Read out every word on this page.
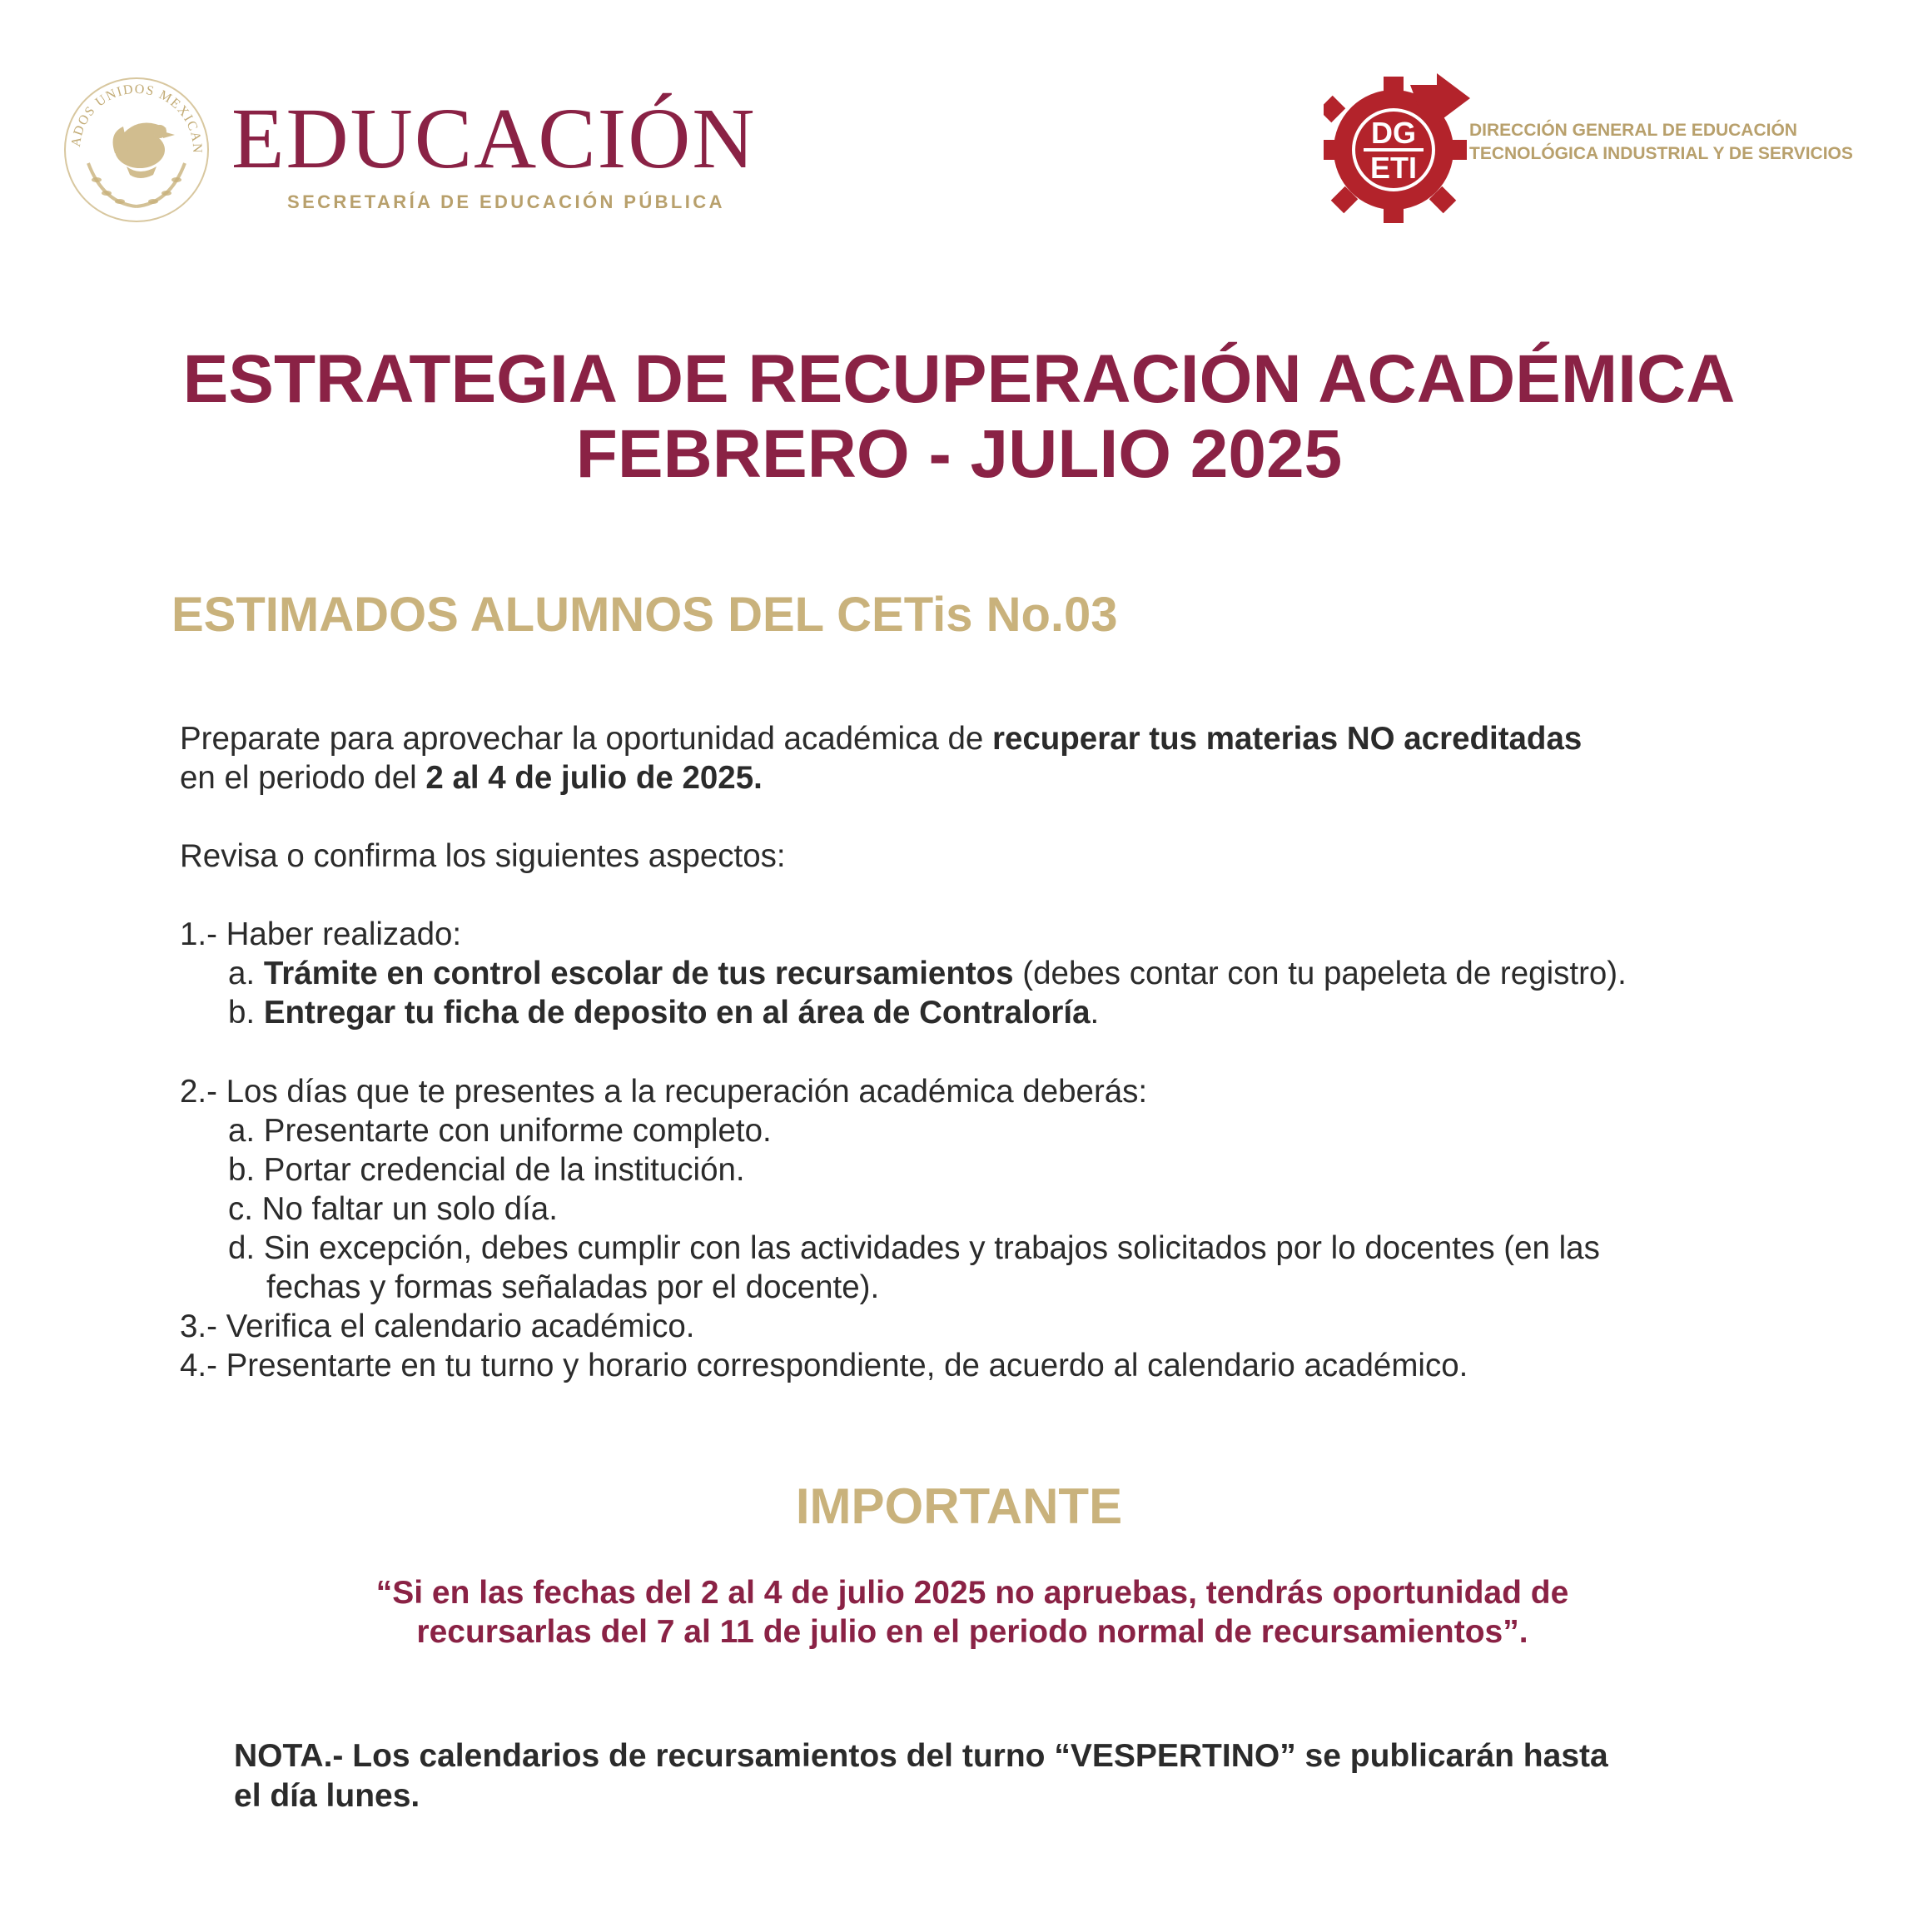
ADOS UNIDOS MEXICAN EDUCACIÓN
SECRETARÍA DE EDUCACIÓN PÚBLICA
DG
ETI
DIRECCIÓN GENERAL DE EDUCACIÓN
TECNOLÓGICA INDUSTRIAL Y DE SERVICIOS
ESTRATEGIA DE RECUPERACIÓN ACADÉMICA
FEBRERO - JULIO 2025
ESTIMADOS ALUMNOS DEL CETis No.03
Preparate para aprovechar la oportunidad académica de recuperar tus materias NO acreditadas
en el periodo del 2 al 4 de julio de 2025.
Revisa o confirma los siguientes aspectos:
1.- Haber realizado:
a. Trámite en control escolar de tus recursamientos (debes contar con tu papeleta de registro).
b. Entregar tu ficha de deposito en al área de Contraloría.
2.- Los días que te presentes a la recuperación académica deberás:
a. Presentarte con uniforme completo.
b. Portar credencial de la institución.
c. No faltar un solo día.
d. Sin excepción, debes cumplir con las actividades y trabajos solicitados por lo docentes (en las
fechas y formas señaladas por el docente).
3.- Verifica el calendario académico.
4.- Presentarte en tu turno y horario correspondiente, de acuerdo al calendario académico.
IMPORTANTE
“Si en las fechas del 2 al 4 de julio 2025 no apruebas, tendrás oportunidad de
recursarlas del 7 al 11 de julio en el periodo normal de recursamientos”.
NOTA.- Los calendarios de recursamientos del turno “VESPERTINO” se publicarán hasta
el día lunes.
